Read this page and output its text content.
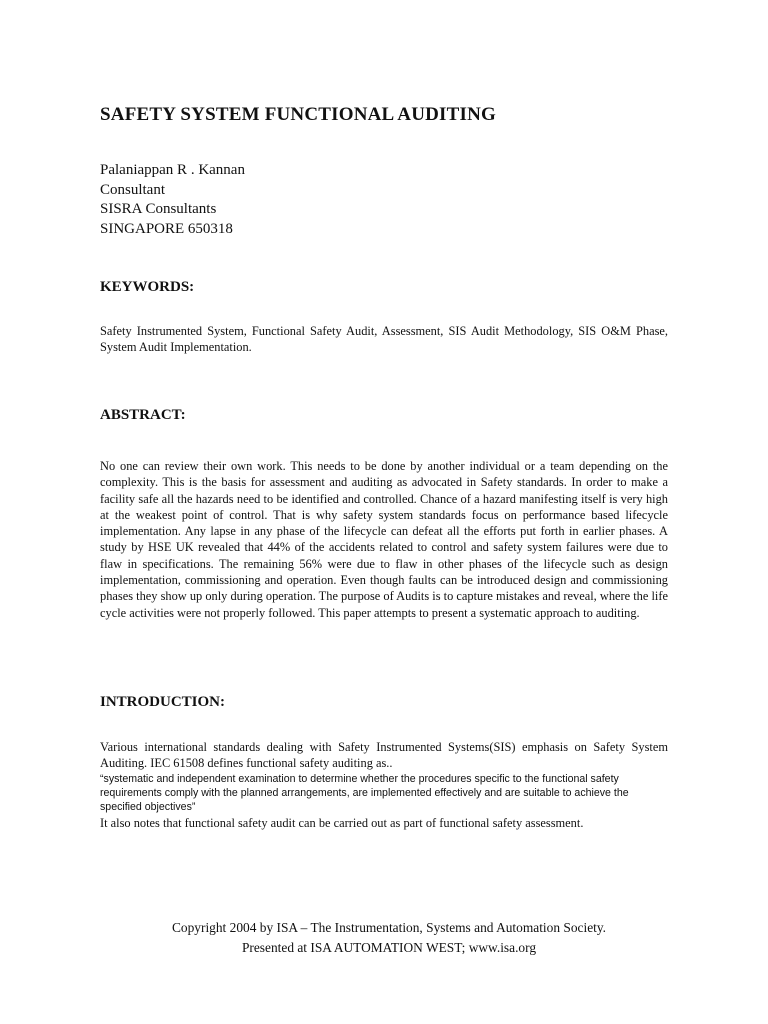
SAFETY SYSTEM FUNCTIONAL AUDITING
Palaniappan R . Kannan
Consultant
SISRA Consultants
SINGAPORE 650318
KEYWORDS:

Safety Instrumented System, Functional Safety Audit, Assessment, SIS Audit Methodology, SIS O&M Phase, System Audit Implementation.

ABSTRACT:

No one can review their own work. This needs to be done by another individual or a team depending on the complexity. This is the basis for assessment and auditing as advocated in Safety standards. In order to make a facility safe all the hazards need to be identified and controlled. Chance of a hazard manifesting itself is very high at the weakest point of control. That is why safety system standards focus on performance based lifecycle implementation. Any lapse in any phase of the lifecycle can defeat all the efforts put forth in earlier phases. A study by HSE UK revealed that 44% of the accidents related to control and safety system failures were due to flaw in specifications. The remaining 56% were due to flaw in other phases of the lifecycle such as design implementation, commissioning and operation. Even though faults can be introduced design and commissioning phases they show up only during operation. The purpose of Audits is to capture mistakes and reveal, where the life cycle activities were not properly followed. This paper attempts to present a systematic approach to auditing.

INTRODUCTION:

Various international standards dealing with Safety Instrumented Systems(SIS) emphasis on Safety System Auditing. IEC 61508 defines functional safety auditing as..

“systematic and independent examination to determine whether the procedures specific to the functional safety requirements comply with the planned arrangements, are implemented effectively and are suitable to achieve the specified objectives”

It also notes that functional safety audit can be carried out as part of functional safety assessment.

Copyright 2004 by ISA – The Instrumentation, Systems and Automation Society.
Presented at ISA AUTOMATION WEST; www.isa.org
